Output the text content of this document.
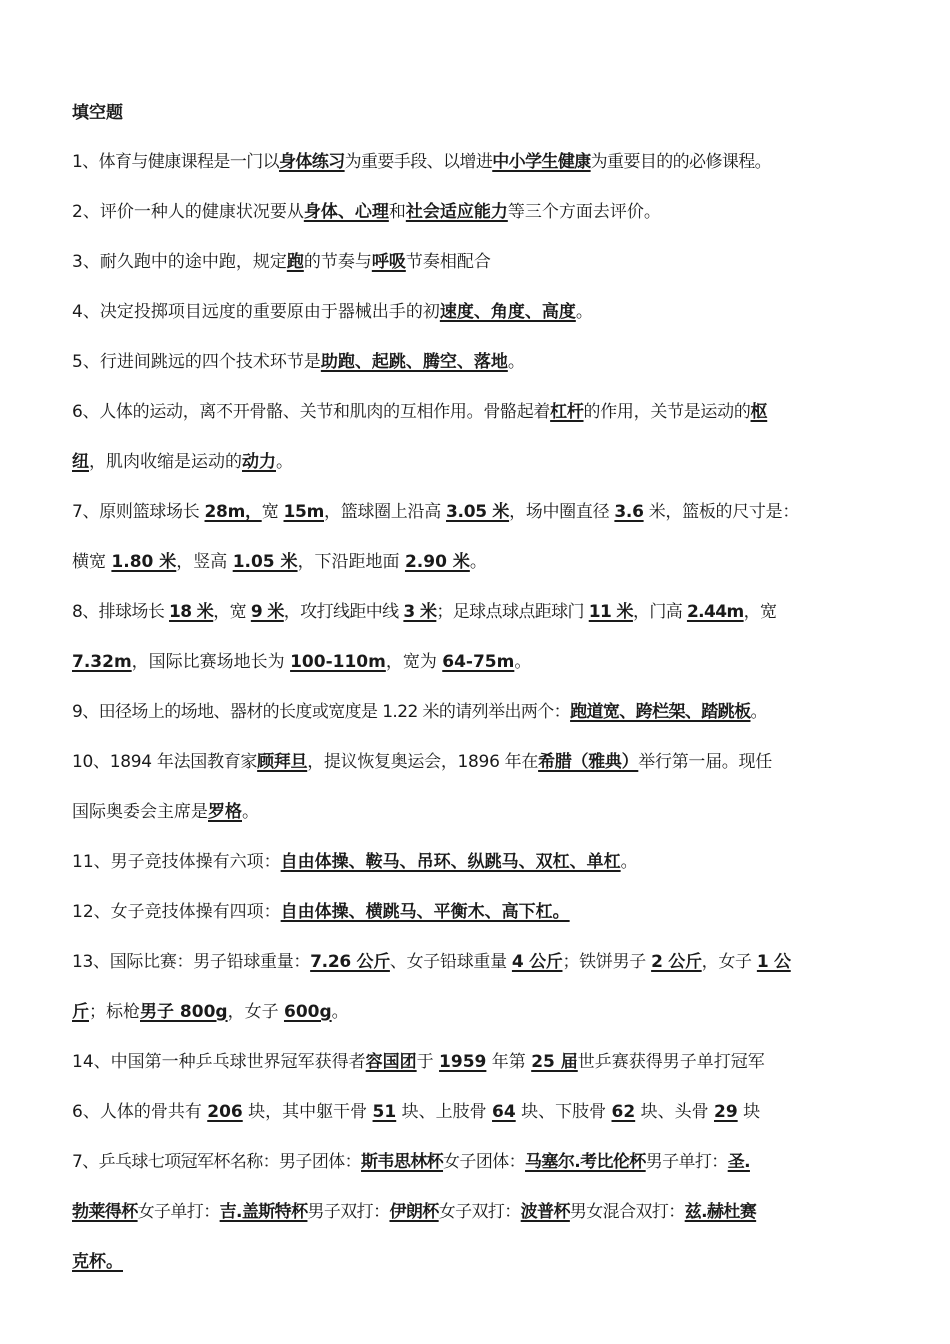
填空题
1、体育与健康课程是一门以身体练习为重要手段、以增进中小学生健康为重要目的的必修课程。
2、评价一种人的健康状况要从身体、心理和社会适应能力等三个方面去评价。
3、耐久跑中的途中跑，规定跑的节奏与呼吸节奏相配合
4、决定投掷项目远度的重要原由于器械出手的初速度、角度、高度。
5、行进间跳远的四个技术环节是助跑、起跳、腾空、落地。
6、人体的运动，离不开骨骼、关节和肌肉的互相作用。骨骼起着杠杆的作用，关节是运动的枢
纽，肌肉收缩是运动的动力。
7、原则篮球场长 28m，宽 15m，篮球圈上沿高 3.05 米，场中圈直径 3.6 米，篮板的尺寸是：
横宽 1.80 米，竖高 1.05 米，下沿距地面 2.90 米。
8、排球场长 18 米，宽 9 米，攻打线距中线 3 米；足球点球点距球门 11 米，门高 2.44m，宽
7.32m，国际比赛场地长为 100-110m，宽为 64-75m。
9、田径场上的场地、器材的长度或宽度是 1.22 米的请列举出两个：跑道宽、跨栏架、踏跳板。
10、1894 年法国教育家顾拜旦，提议恢复奥运会，1896 年在希腊（雅典）举行第一届。现任
国际奥委会主席是罗格。
11、男子竞技体操有六项：自由体操、鞍马、吊环、纵跳马、双杠、单杠。
12、女子竞技体操有四项：自由体操、横跳马、平衡木、高下杠。
13、国际比赛：男子铅球重量：7.26 公斤、女子铅球重量 4 公斤；铁饼男子 2 公斤，女子 1 公
斤；标枪男子 800g，女子 600g。
14、中国第一种乒乓球世界冠军获得者容国团于 1959 年第 25 届世乒赛获得男子单打冠军
6、人体的骨共有 206 块，其中躯干骨 51 块、上肢骨 64 块、下肢骨 62 块、头骨 29 块
7、乒乓球七项冠军杯名称：男子团体：斯韦思林杯女子团体：马塞尔.考比伦杯男子单打：圣.
勃莱得杯女子单打：吉.盖斯特杯男子双打：伊朗杯女子双打：波普杯男女混合双打：兹.赫杜赛
克杯。
